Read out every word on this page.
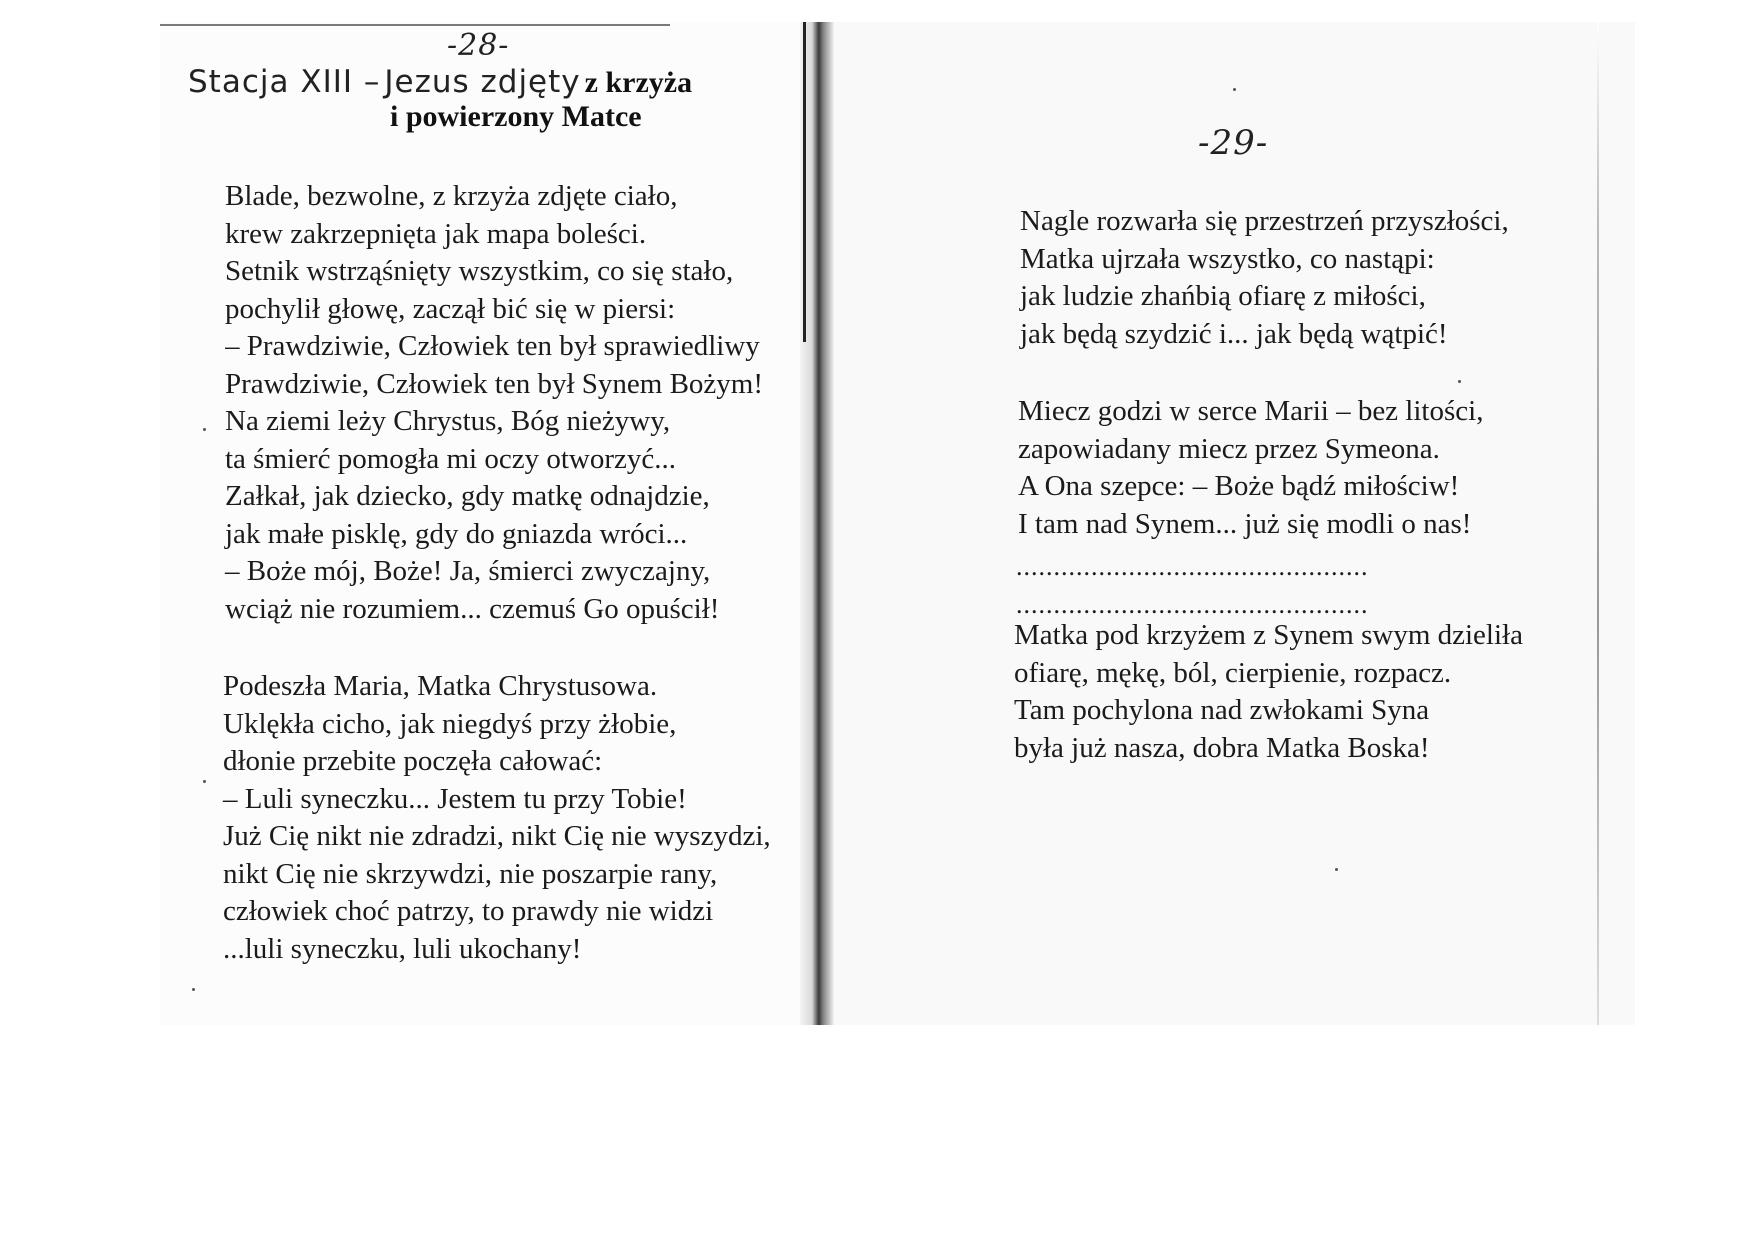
-28-
Stacja XIII – Jezus zdjęty z krzyża
i powierzony Matce
Blade, bezwolne, z krzyża zdjęte ciało,
krew zakrzepnięta jak mapa boleści.
Setnik wstrząśnięty wszystkim, co się stało,
pochylił głowę, zaczął bić się w piersi:
– Prawdziwie, Człowiek ten był sprawiedliwy
Prawdziwie, Człowiek ten był Synem Bożym!
Na ziemi leży Chrystus, Bóg nieżywy,
ta śmierć pomogła mi oczy otworzyć...
Załkał, jak dziecko, gdy matkę odnajdzie,
jak małe pisklę, gdy do gniazda wróci...
– Boże mój, Boże! Ja, śmierci zwyczajny,
wciąż nie rozumiem... czemuś Go opuścił!
Podeszła Maria, Matka Chrystusowa.
Uklękła cicho, jak niegdyś przy żłobie,
dłonie przebite poczęła całować:
– Luli syneczku... Jestem tu przy Tobie!
Już Cię nikt nie zdradzi, nikt Cię nie wyszydzi,
nikt Cię nie skrzywdzi, nie poszarpie rany,
człowiek choć patrzy, to prawdy nie widzi
...luli syneczku, luli ukochany!
-29-
Nagle rozwarła się przestrzeń przyszłości,
Matka ujrzała wszystko, co nastąpi:
jak ludzie zhańbią ofiarę z miłości,
jak będą szydzić i... jak będą wątpić!
Miecz godzi w serce Marii – bez litości,
zapowiadany miecz przez Symeona.
A Ona szepce: – Boże bądź miłościw!
I tam nad Synem... już się modli o nas!
...............................................
...............................................
Matka pod krzyżem z Synem swym dzieliła
ofiarę, mękę, ból, cierpienie, rozpacz.
Tam pochylona nad zwłokami Syna
była już nasza, dobra Matka Boska!
